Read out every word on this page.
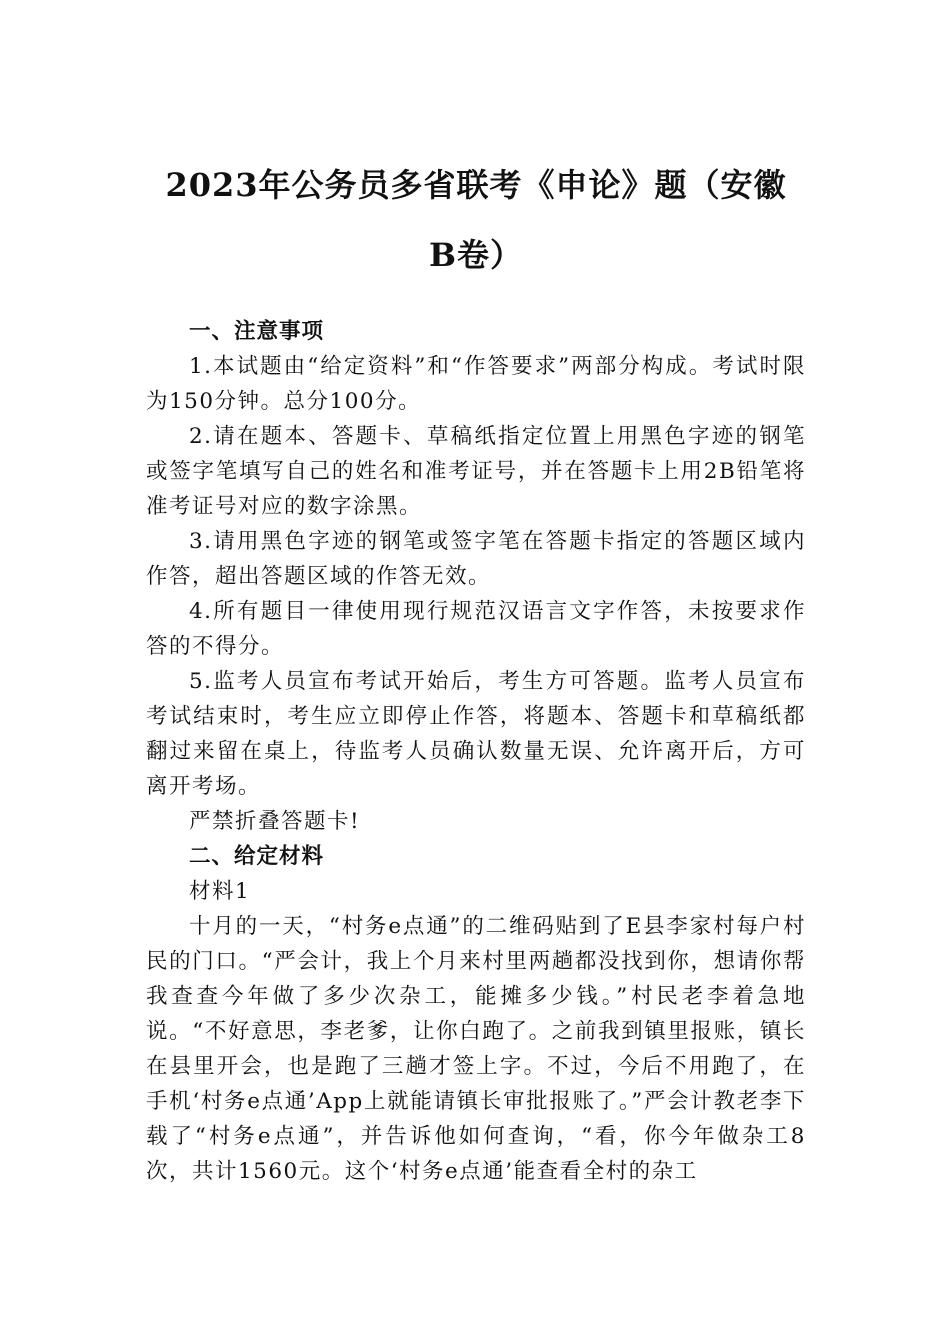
2023年公务员多省联考《申论》题（安徽
B卷）

一、注意事项

1.本试题由“给定资料”和“作答要求”两部分构成。考试时限为150分钟。总分100分。

2.请在题本、答题卡、草稿纸指定位置上用黑色字迹的钢笔或签字笔填写自己的姓名和准考证号，并在答题卡上用2B铅笔将准考证号对应的数字涂黑。

3.请用黑色字迹的钢笔或签字笔在答题卡指定的答题区域内作答，超出答题区域的作答无效。

4.所有题目一律使用现行规范汉语言文字作答，未按要求作答的不得分。

5.监考人员宣布考试开始后，考生方可答题。监考人员宣布考试结束时，考生应立即停止作答，将题本、答题卡和草稿纸都翻过来留在桌上，待监考人员确认数量无误、允许离开后，方可离开考场。

严禁折叠答题卡!

二、给定材料

材料1

十月的一天，“村务e点通”的二维码贴到了E县李家村每户村民的门口。“严会计，我上个月来村里两趟都没找到你，想请你帮我查查今年做了多少次杂工，能摊多少钱。”村民老李着急地说。“不好意思，李老爹，让你白跑了。之前我到镇里报账，镇长在县里开会，也是跑了三趟才签上字。不过，今后不用跑了，在手机‘村务e点通’App上就能请镇长审批报账了。”严会计教老李下载了“村务e点通”，并告诉他如何查询，“看，你今年做杂工8次，共计1560元。这个‘村务e点通’能查看全村的杂工
